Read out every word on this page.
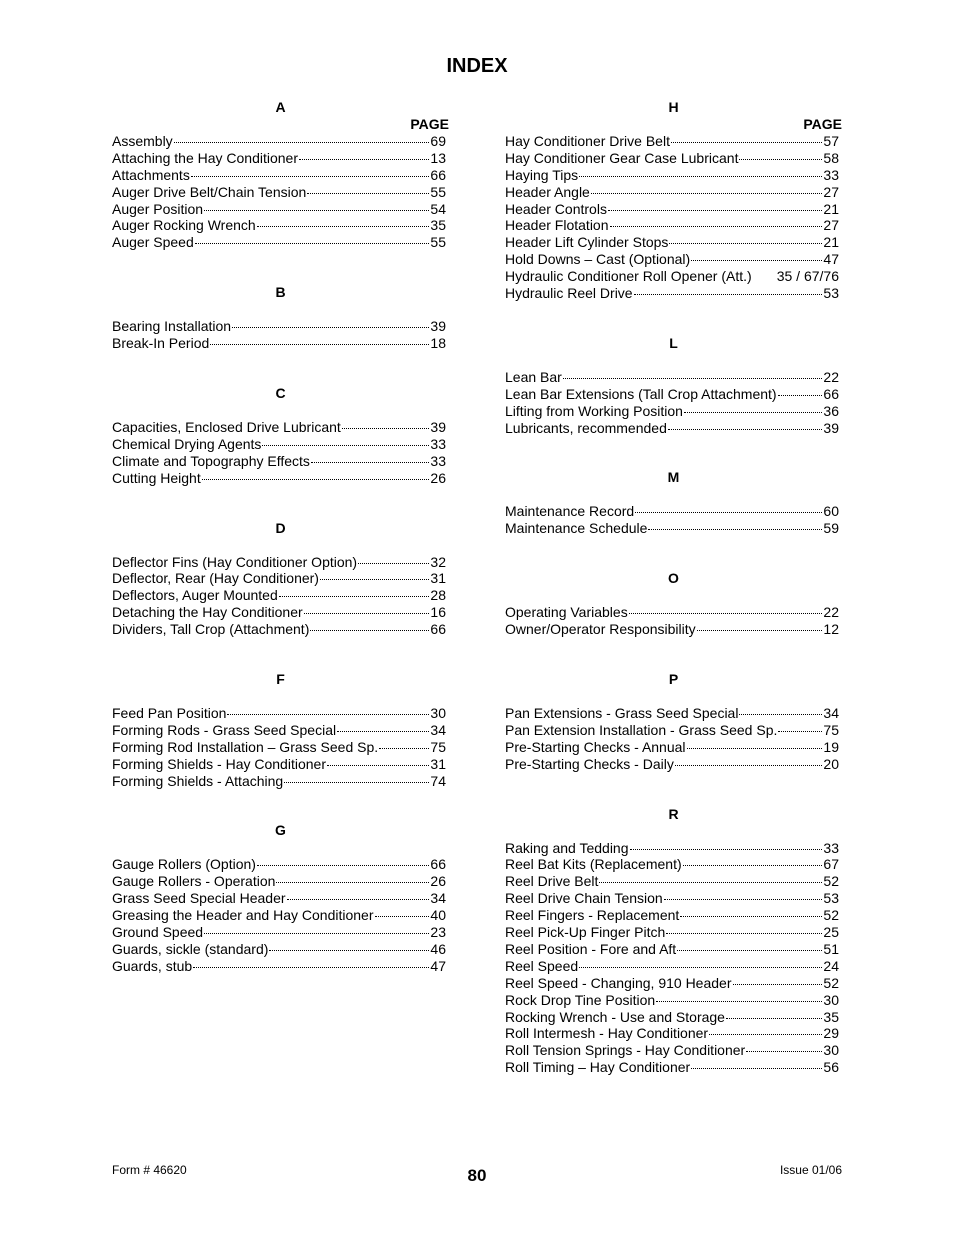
INDEX
A
PAGE
Assembly	69
Attaching the Hay Conditioner	13
Attachments	66
Auger Drive Belt/Chain Tension	55
Auger Position	54
Auger Rocking Wrench	35
Auger Speed	55
B
Bearing Installation	39
Break-In Period	18
C
Capacities, Enclosed Drive Lubricant	39
Chemical Drying Agents	33
Climate and Topography Effects	33
Cutting Height	26
D
Deflector Fins (Hay Conditioner Option)	32
Deflector, Rear (Hay Conditioner)	31
Deflectors, Auger Mounted	28
Detaching the Hay Conditioner	16
Dividers, Tall Crop (Attachment)	66
F
Feed Pan Position	30
Forming Rods - Grass Seed Special	34
Forming Rod Installation – Grass Seed Sp.	75
Forming Shields - Hay Conditioner	31
Forming Shields - Attaching	74
G
Gauge Rollers (Option)	66
Gauge Rollers - Operation	26
Grass Seed Special Header	34
Greasing the Header and Hay Conditioner	40
Ground Speed	23
Guards, sickle (standard)	46
Guards, stub	47
H
PAGE
Hay Conditioner Drive Belt	57
Hay Conditioner Gear Case Lubricant	58
Haying Tips	33
Header Angle	27
Header Controls	21
Header Flotation	27
Header Lift Cylinder Stops	21
Hold Downs – Cast (Optional)	47
Hydraulic Conditioner Roll Opener (Att.) 35 / 67/76
Hydraulic Reel Drive	53
L
Lean Bar	22
Lean Bar Extensions (Tall Crop Attachment)	66
Lifting from Working Position	36
Lubricants, recommended	39
M
Maintenance Record	60
Maintenance Schedule	59
O
Operating Variables	22
Owner/Operator Responsibility	12
P
Pan Extensions - Grass Seed Special	34
Pan Extension Installation - Grass Seed Sp.	75
Pre-Starting Checks - Annual	19
Pre-Starting Checks - Daily	20
R
Raking and Tedding	33
Reel Bat Kits (Replacement)	67
Reel Drive Belt	52
Reel Drive Chain Tension	53
Reel Fingers - Replacement	52
Reel Pick-Up Finger Pitch	25
Reel Position - Fore and Aft	51
Reel Speed	24
Reel Speed - Changing, 910 Header	52
Rock Drop Tine Position	30
Rocking Wrench - Use and Storage	35
Roll Intermesh - Hay Conditioner	29
Roll Tension Springs - Hay Conditioner	30
Roll Timing – Hay Conditioner	56
Form # 46620	80	Issue 01/06
